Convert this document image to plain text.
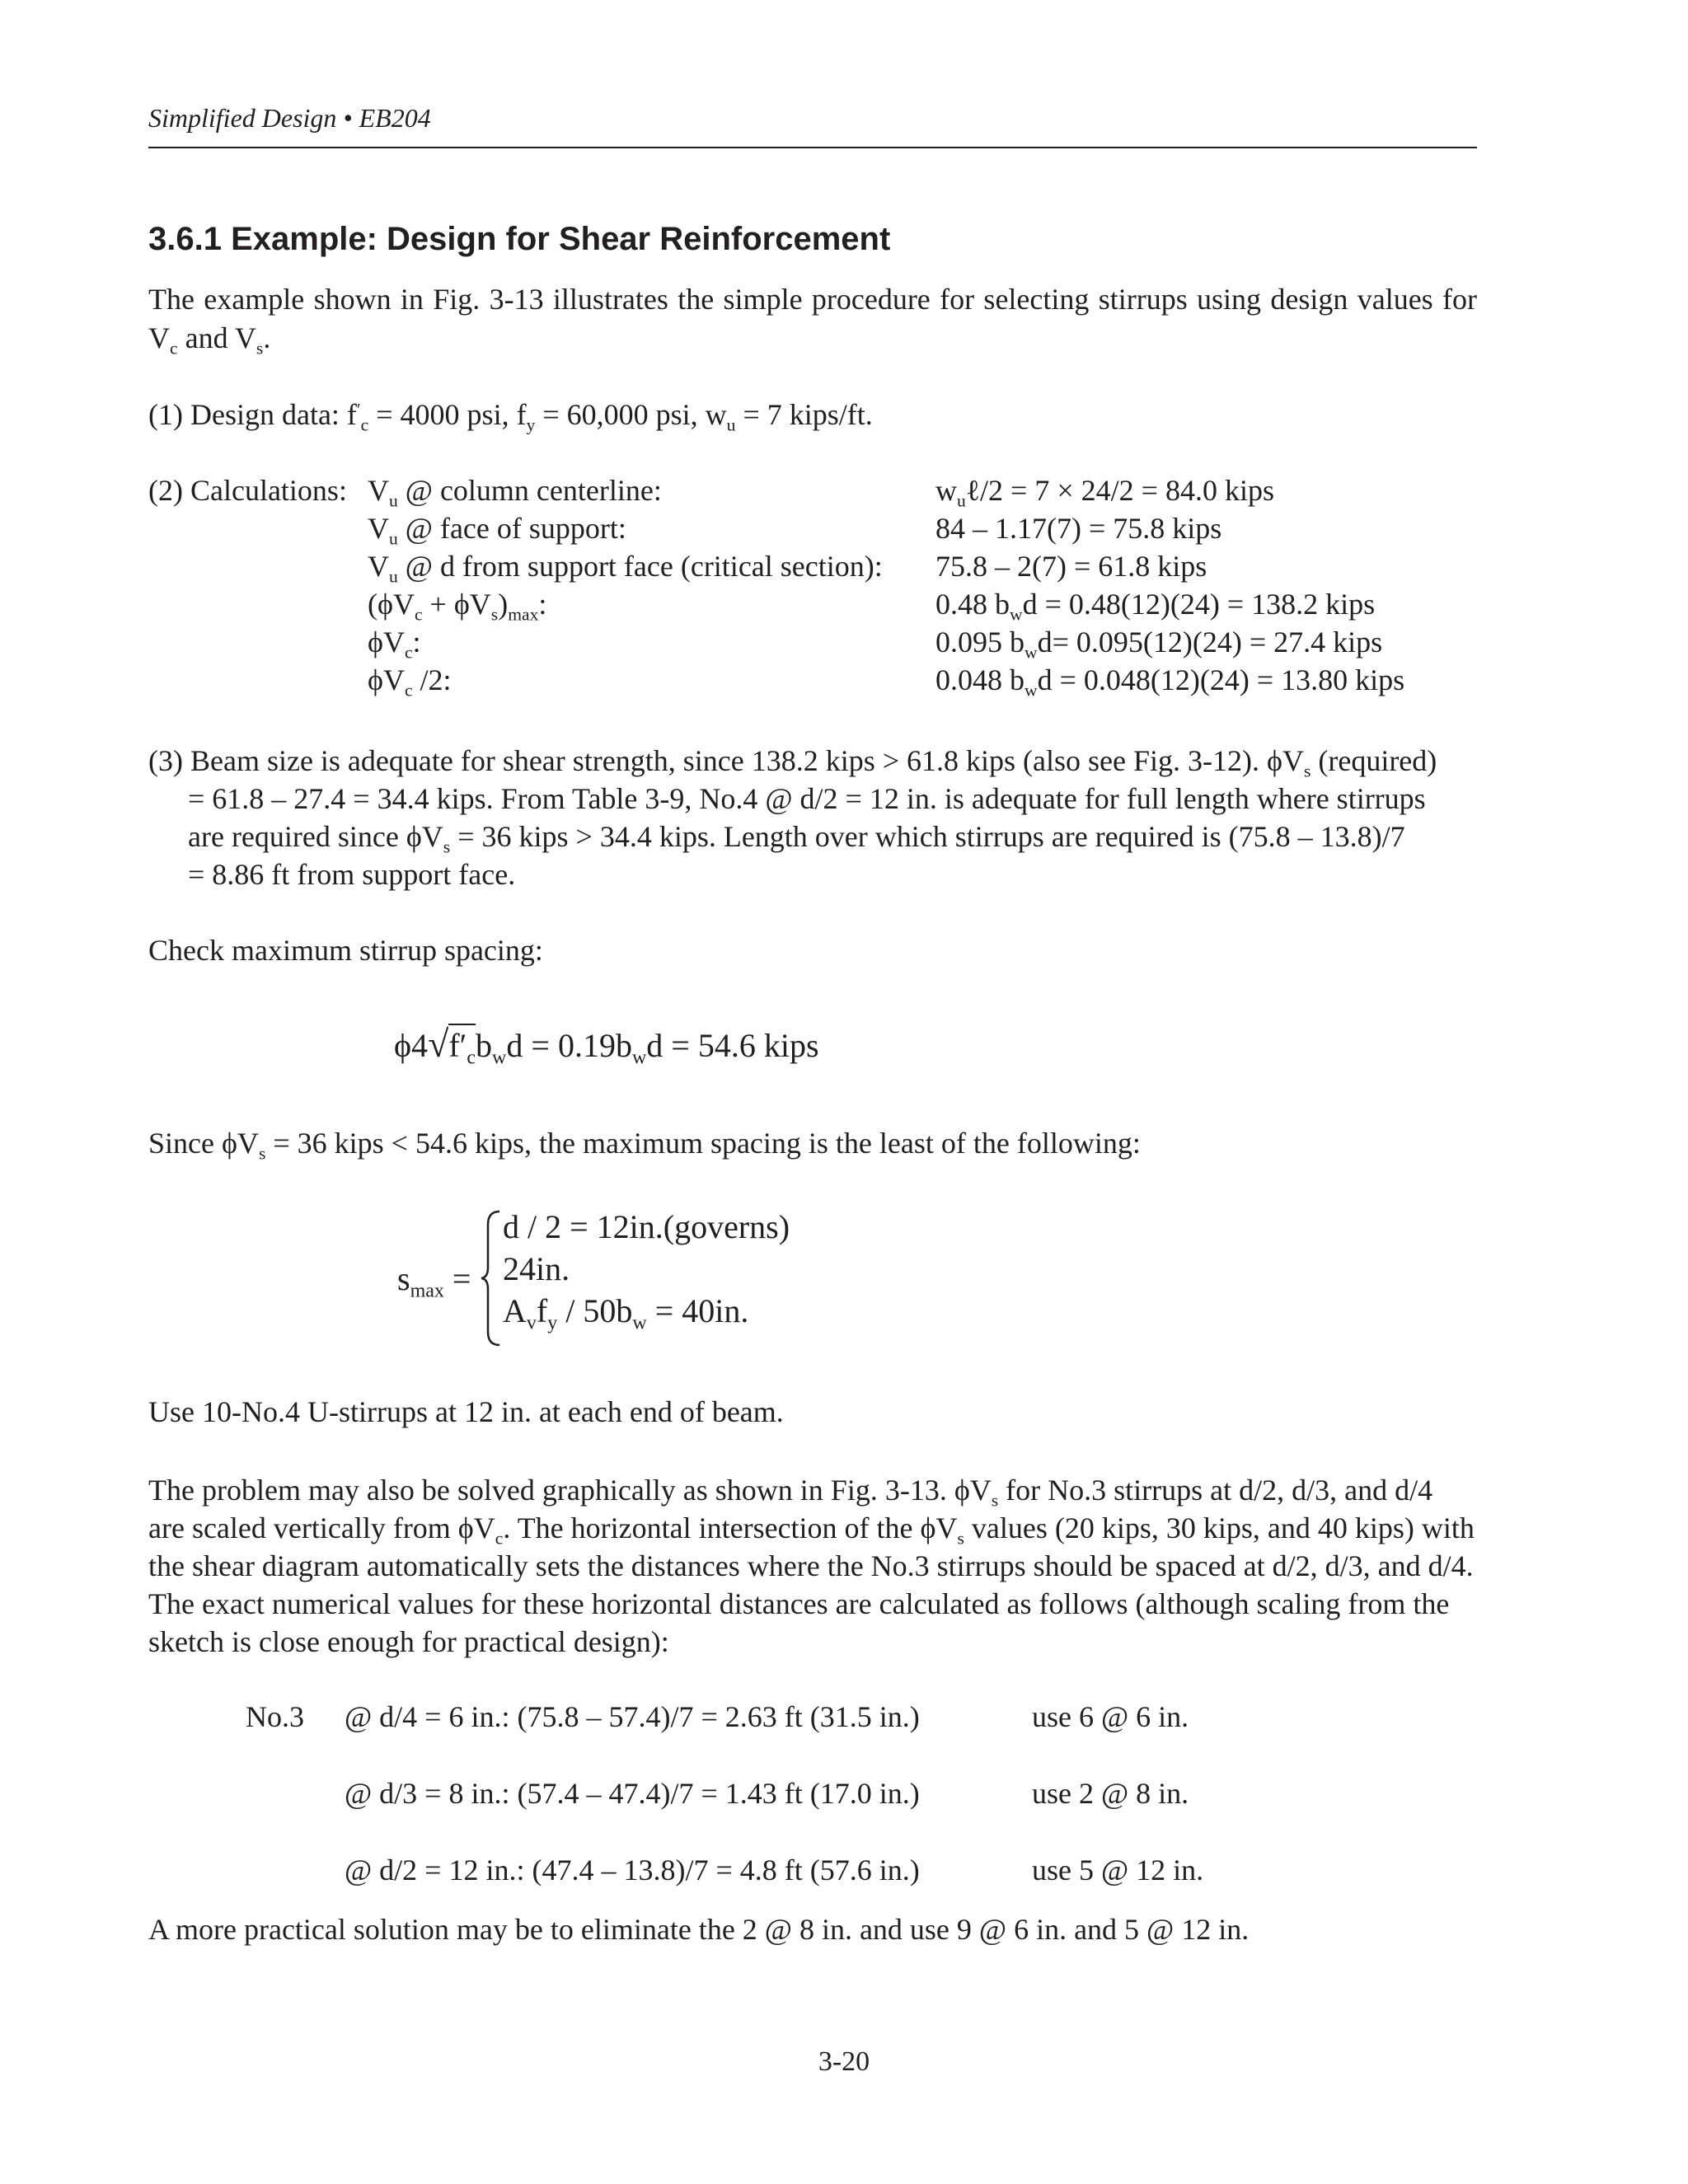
Simplified Design • EB204
3.6.1 Example: Design for Shear Reinforcement
The example shown in Fig. 3-13 illustrates the simple procedure for selecting stirrups using design values for $V_c$ and $V_s$.
(1) Design data: $f'_c = 4000$ psi, $f_y = 60,000$ psi, $w_u = 7$ kips/ft.
(2) Calculations: $V_u$ @ column centerline:	$w_u\ell/2 = 7 \times 24/2 = 84.0$ kips
$V_u$ @ face of support:	84 – 1.17(7) = 75.8 kips
$V_u$ @ d from support face (critical section): 75.8 – 2(7) = 61.8 kips
$(\phi V_c + \phi V_s)_{max}$:	0.48 $b_wd = 0.48(12)(24) = 138.2$ kips
$\phi V_c$:	0.095 $b_wd= 0.095(12)(24) = 27.4$ kips
$\phi V_c$ /2:	0.048 $b_wd = 0.048(12)(24) = 13.80$ kips
(3) Beam size is adequate for shear strength, since 138.2 kips > 61.8 kips (also see Fig. 3-12). $\phi V_s$ (required)
= 61.8 – 27.4 = 34.4 kips. From Table 3-9, No.4 @ d/2 = 12 in. is adequate for full length where stirrups
are required since $\phi V_s = 36$ kips > 34.4 kips. Length over which stirrups are required is (75.8 – 13.8)/7
= 8.86 ft from support face.
Check maximum stirrup spacing:
$\phi 4√f'_cb_wd = 0.19b_wd = 54.6$ kips
Since $\phi V_s = 36$ kips < 54.6 kips, the maximum spacing is the least of the following:
$s_{max}$ =
d / 2 = 12in.(governs)
24in.
$A_vf_y / 50b_w = 40in$.
Use 10-No.4 U-stirrups at 12 in. at each end of beam.
The problem may also be solved graphically as shown in Fig. 3-13. $\phi V_s$ for No.3 stirrups at d/2, d/3, and d/4
are scaled vertically from $\phi V_c$. The horizontal intersection of the $\phi V_s$ values (20 kips, 30 kips, and 40 kips) with
the shear diagram automatically sets the distances where the No.3 stirrups should be spaced at d/2, d/3, and d/4.
The exact numerical values for these horizontal distances are calculated as follows (although scaling from the
sketch is close enough for practical design):
No.3 @ d/4 = 6 in.: (75.8 – 57.4)/7 = 2.63 ft (31.5 in.)	use 6 @ 6 in.
@ d/3 = 8 in.: (57.4 – 47.4)/7 = 1.43 ft (17.0 in.)	use 2 @ 8 in.
@ d/2 = 12 in.: (47.4 – 13.8)/7 = 4.8 ft (57.6 in.)	use 5 @ 12 in.
A more practical solution may be to eliminate the 2 @ 8 in. and use 9 @ 6 in. and 5 @ 12 in.
3-20
